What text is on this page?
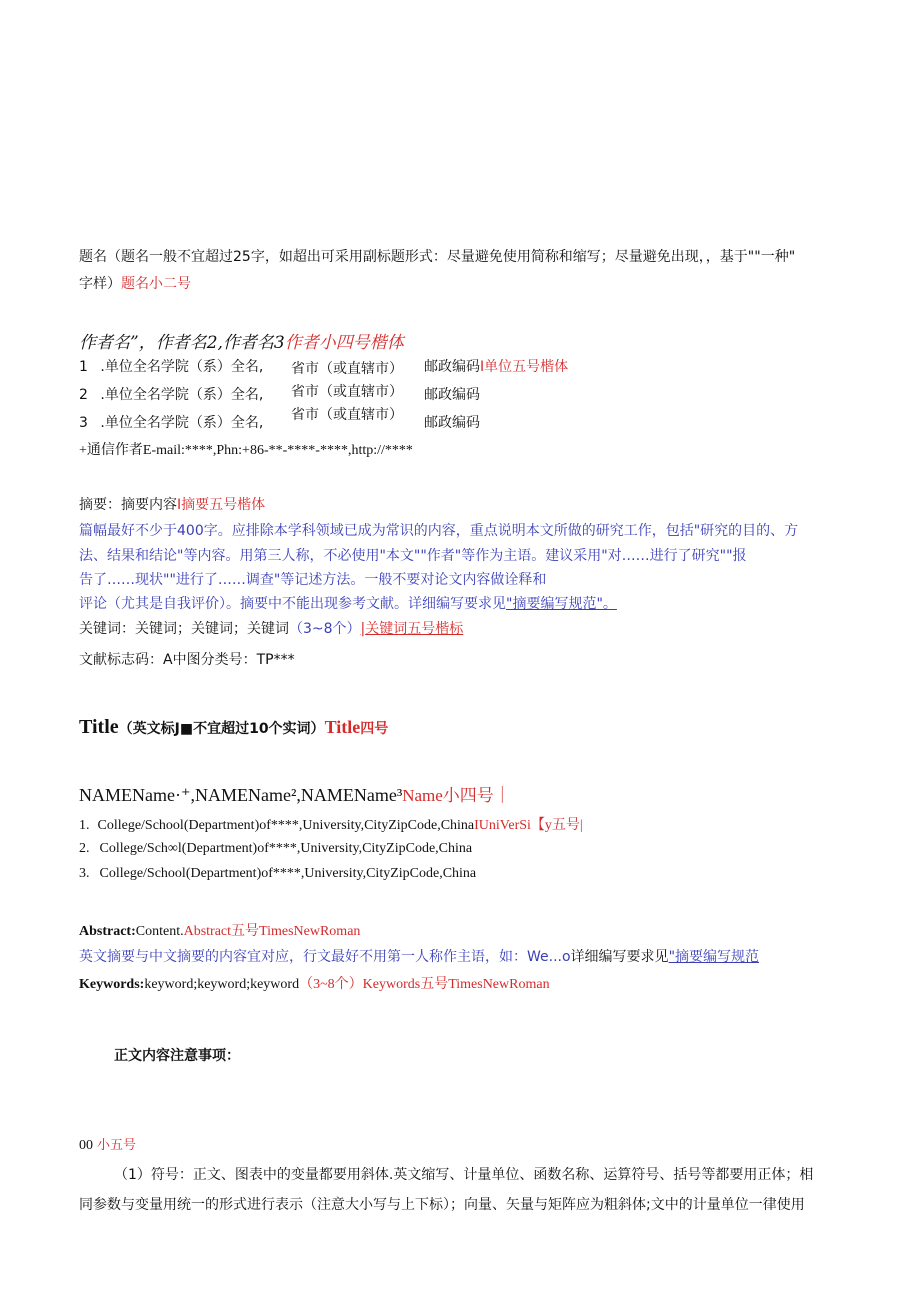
题名（题名一般不宜超过25字，如超出可采用副标题形式：尽量避免使用简称和缩写；尽量避免出现，，基于""一种"
字样）题名小二号
作者名”，作者名2,作者名3作者小四号楷体
1 .单位全名学院（系）全名, 省市（或直辖市） 邮政编码I单位五号楷体
2 .单位全名学院（系）全名, 省市（或直辖市） 邮政编码
3 .单位全名学院（系）全名, 省市（或直辖市） 邮政编码
+通信作者E-mail:****,Phn:+86-**-****-****,http://****
摘要：摘要内容I摘要五号楷体
篇幅最好不少于400字。应排除本学科领域已成为常识的内容，重点说明本文所做的研究工作，包括"研究的目的、方
法、结果和结论"等内容。用第三人称，不必使用"本文""作者"等作为主语。建议采用"对……进行了研究""报
告了……现状""进行了……调查"等记述方法。一般不要对论文内容做诠释和
评论（尤其是自我评价）。摘要中不能出现参考文献。详细编写要求见"摘要编写规范"。
关键词：关键词；关键词；关键词（3~8个）|关键词五号楷标
文献标志码：A中图分类号：TP***
Title（英文标J■不宜超过10个实词）Title四号
NAMEName·⁺,NAMEName²,NAMEName³Name小四号｜
1. College/School(Department)of****,University,CityZipCode,ChinaIUniVerSi【y五号|
2. College/Sch∞l(Department)of****,University,CityZipCode,China
3. College/School(Department)of****,University,CityZipCode,China
Abstract:Content.Abstract五号TimesNewRoman
英文摘要与中文摘要的内容宜对应，行文最好不用第一人称作主语，如：We...o详细编写要求见"摘要编写规范
Keywords:keyword;keyword;keyword（3~8个）Keywords五号TimesNewRoman
正文内容注意事项：
00 小五号
（1）符号：正文、图表中的变量都要用斜体.英文缩写、计量单位、函数名称、运算符号、括号等都要用正体；相
同参数与变量用统一的形式进行表示（注意大小写与上下标）；向量、矢量与矩阵应为粗斜体;文中的计量单位一律使用
